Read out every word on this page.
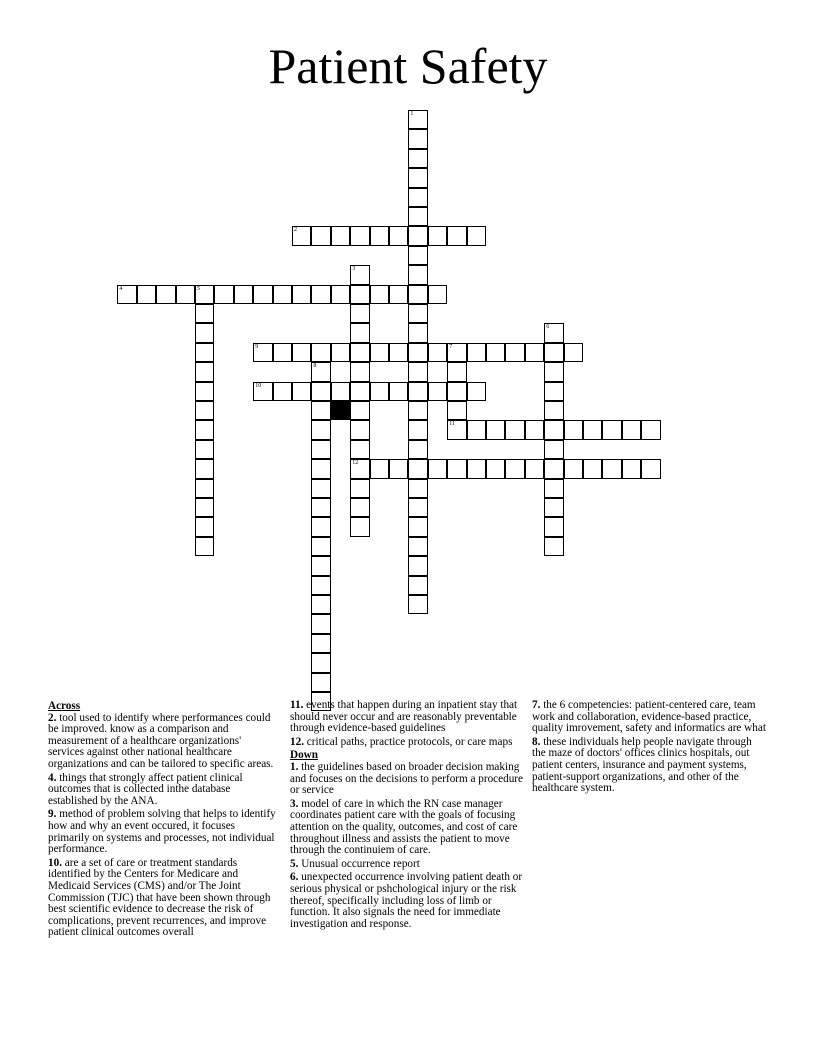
Patient Safety
2
4	5
9	7
10
11
12
1
3
6
8
Across
2. tool used to identify where performances could be improved. know as a comparison and measurement of a healthcare organizations' services against other national healthcare organizations and can be tailored to specific areas.
4. things that strongly affect patient clinical outcomes that is collected inthe database established by the ANA.
9. method of problem solving that helps to identify how and why an event occured, it focuses primarily on systems and processes, not individual performance.
10. are a set of care or treatment standards identified by the Centers for Medicare and Medicaid Services (CMS) and/or The Joint Commission (TJC) that have been shown through best scientific evidence to decrease the risk of complications, prevent recurrences, and improve patient clinical outcomes overall
11. events that happen during an inpatient stay that should never occur and are reasonably preventable through evidence-based guidelines
12. critical paths, practice protocols, or care maps
Down
1. the guidelines based on broader decision making and focuses on the decisions to perform a procedure or service
3. model of care in which the RN case manager coordinates patient care with the goals of focusing attention on the quality, outcomes, and cost of care throughout illness and assists the patient to move through the continuiem of care.
5. Unusual occurrence report
6. unexpected occurrence involving patient death or serious physical or pshchological injury or the risk thereof, specifically including loss of limb or function. It also signals the need for immediate investigation and response.
7. the 6 competencies: patient-centered care, team work and collaboration, evidence-based practice, quality imrovement, safety and informatics are what
8. these individuals help people navigate through the maze of doctors' offices clinics hospitals, out patient centers, insurance and payment systems, patient-support organizations, and other of the healthcare system.
